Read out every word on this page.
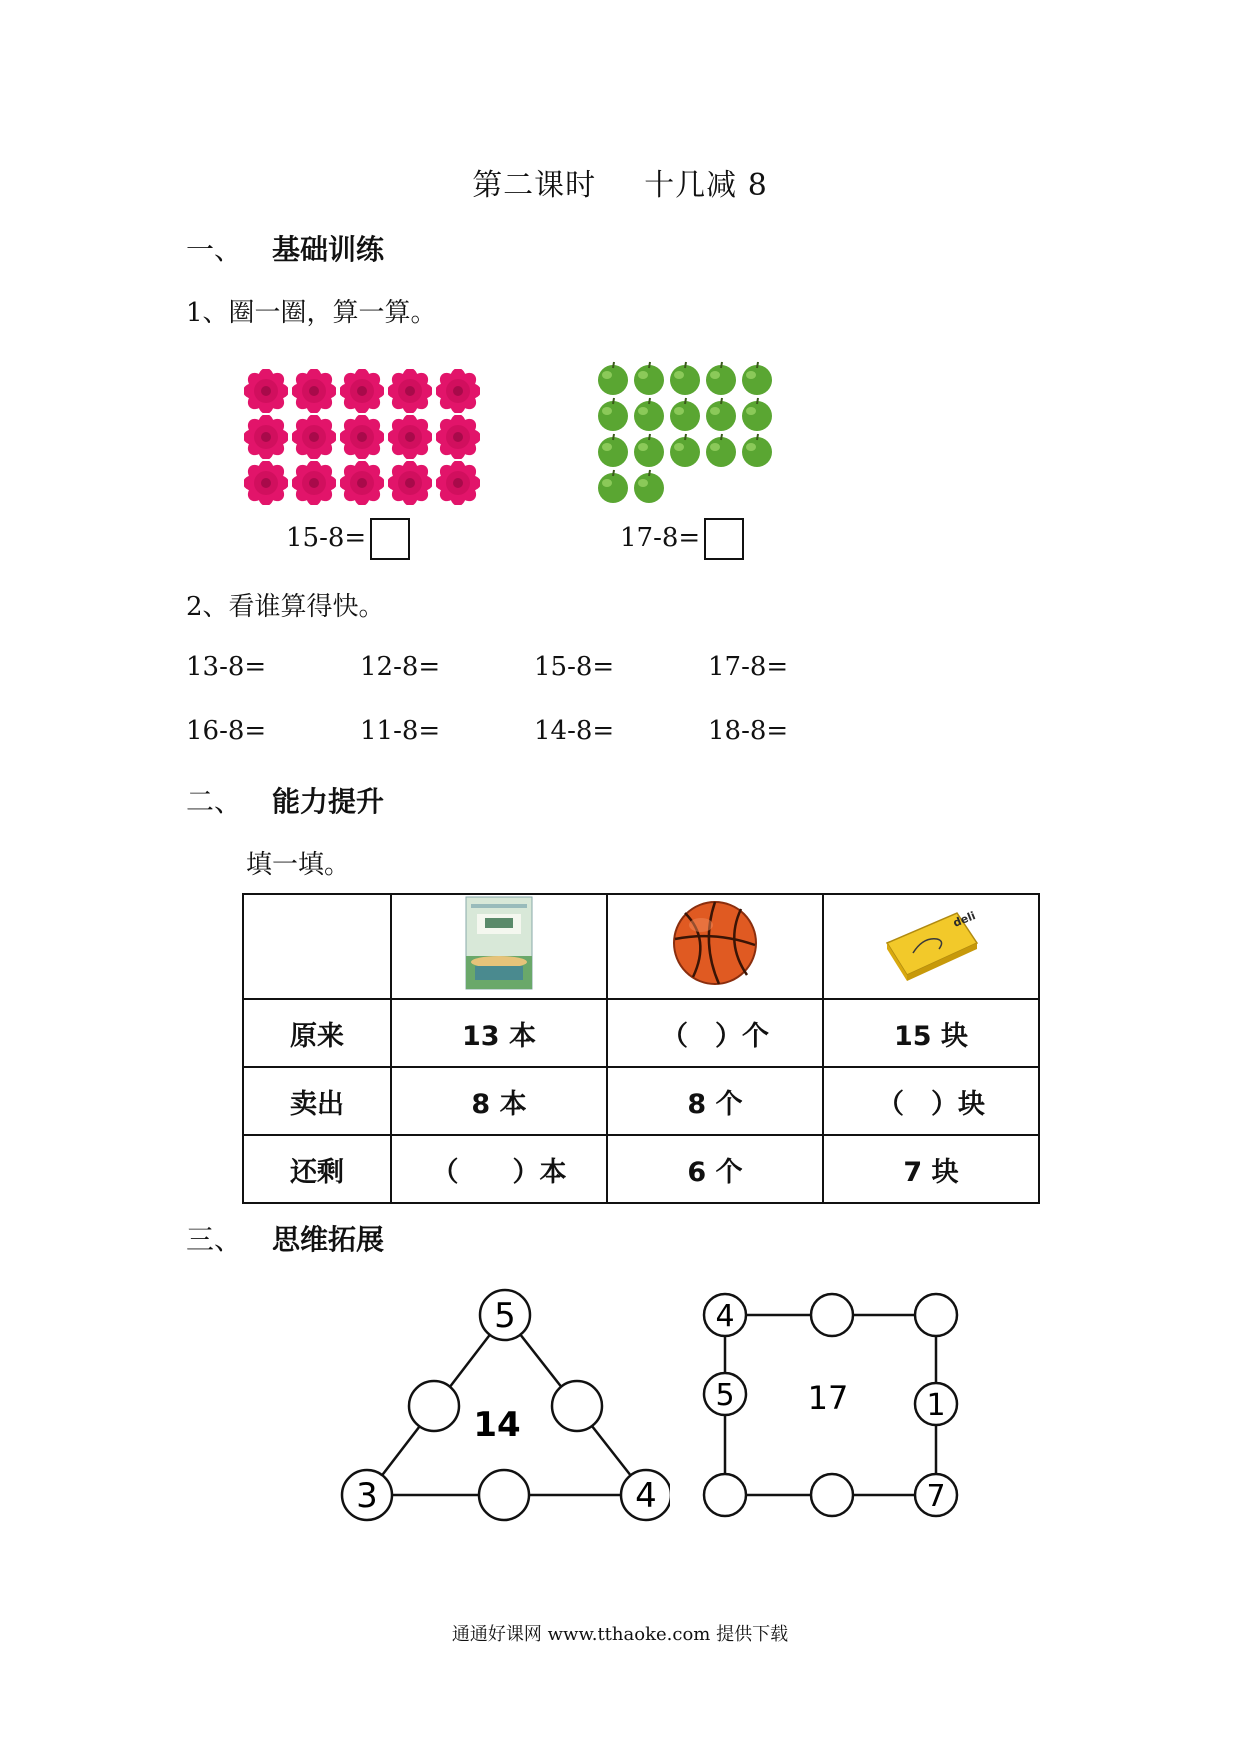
第二课时 十几减 8
一、 基础训练
1、圈一圈，算一算。
15-8=	17-8=
2、看谁算得快。
13-8=	12-8=	15-8=	17-8=
16-8=	11-8=	14-8=	18-8=
二、 能力提升
填一填。

deli

原来	13 本	（　）个	15 块
卖出	8 本	8 个	（　）块
还剩	（　　）本	6 个	7 块
三、 思维拓展
5
3	4
14
4
5	1
7
17
通通好课网 www.tthaoke.com 提供下载
